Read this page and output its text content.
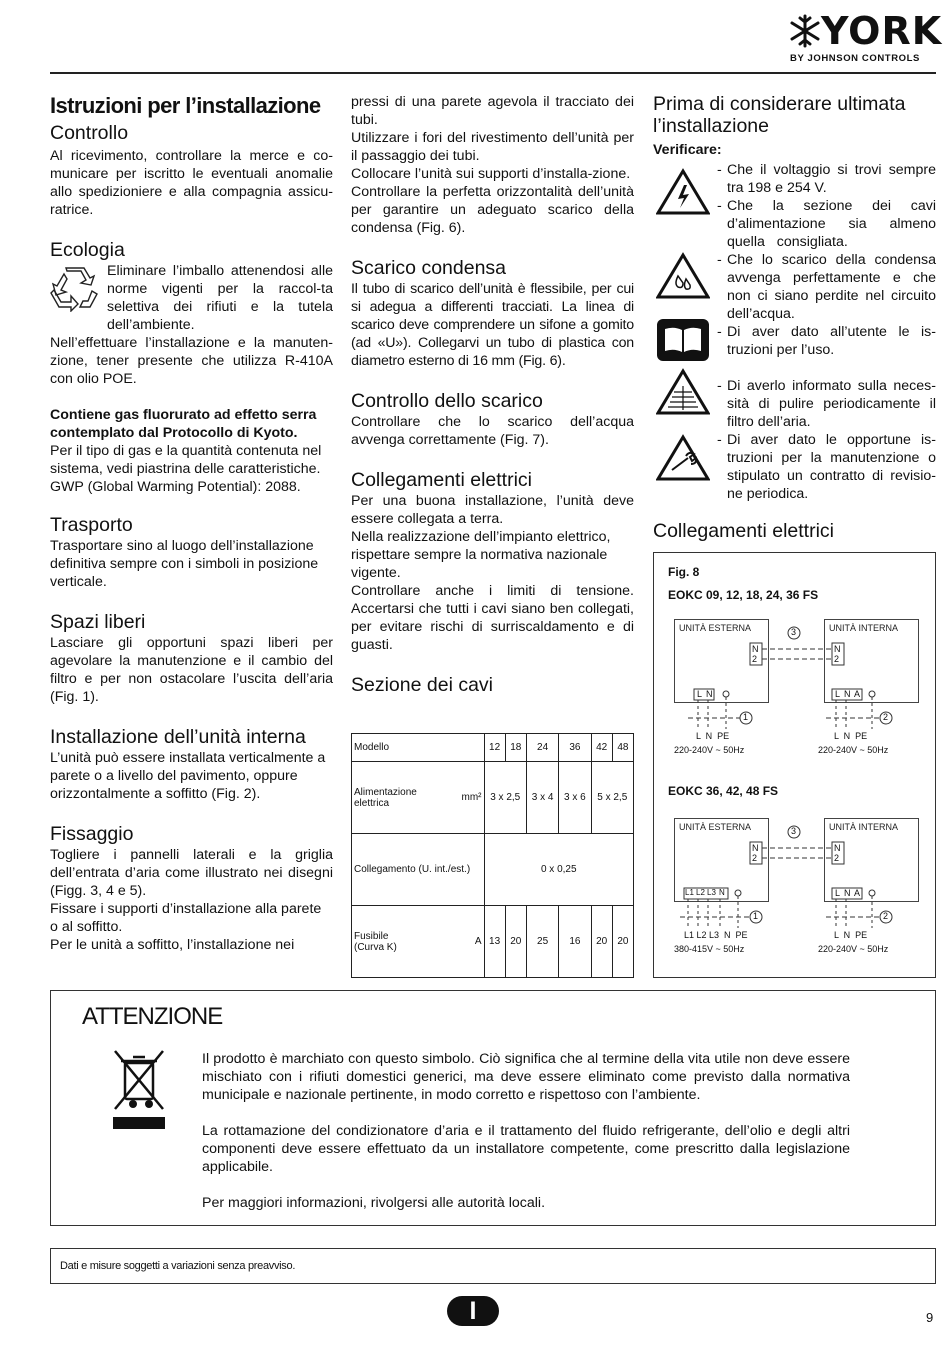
YORK
BY JOHNSON CONTROLS
Istruzioni per l’installazione
Controllo

Al ricevimento, controllare la merce e co-municare per iscritto le eventuali anomalie allo spedizioniere e alla compagnia assicu-ratrice.

Ecologia

Eliminare l’imballo attenendosi alle norme vigenti per la raccol-ta selettiva dei rifiuti e la tutela dell’ambiente.

Nell’effettuare l’installazione e la manuten-zione, tener presente che utilizza R-410A con olio POE.

Contiene gas fluorurato ad effetto serra contemplato dal Protocollo di Kyoto.

Per il tipo di gas e la quantità contenuta nel sistema, vedi piastrina delle caratteristiche. GWP (Global Warming Potential): 2088.

Trasporto

Trasportare sino al luogo dell’installazione definitiva sempre con i simboli in posizione verticale.

Spazi liberi

Lasciare gli opportuni spazi liberi per agevolare la manutenzione e il cambio del filtro e per non ostacolare l’uscita dell’aria (Fig. 1).

Installazione dell’unità interna

L’unità può essere installata verticalmente a parete o a livello del pavimento, oppure orizzontalmente a soffitto (Fig. 2).

Fissaggio

Togliere i pannelli laterali e la griglia dell’entrata d’aria come illustrato nei disegni (Figg. 3, 4 e 5).

Fissare i supporti d’installazione alla parete o al soffitto.

Per le unità a soffitto, l’installazione nei

pressi di una parete agevola il tracciato dei tubi.

Utilizzare i fori del rivestimento dell’unità per il passaggio dei tubi.

Collocare l’unità sui supporti d’installa-zione.

Controllare la perfetta orizzontalità dell’unità per garantire un adeguato scarico della condensa (Fig. 6).

Scarico condensa

Il tubo di scarico dell’unità è flessibile, per cui si adegua a differenti tracciati. La linea di scarico deve comprendere un sifone a gomito (ad «U»). Collegarvi un tubo di plastica con diametro esterno di 16 mm (Fig. 6).

Controllo dello scarico

Controllare che lo scarico dell’acqua avvenga correttamente (Fig. 7).

Collegamenti elettrici

Per una buona installazione, l’unità deve essere collegata a terra.

Nella realizzazione dell’impianto elettrico, rispettare sempre la normativa nazionale vigente.

Controllare anche i limiti di tensione. Accertarsi che tutti i cavi siano ben collegati, per evitare rischi di surriscaldamento e di guasti.

Sezione dei cavi
Modello		12	18	24	36	42	48
Alimentazione elettrica	mm²	3 x 2,5		3 x 4	3 x 6	5 x 2,5	
Collegamento (U. int./est.)		0 x 0,25					
Fusibile (Curva K)	A	13	20	25	16	20	20
Prima di considerare ultimata l’installazione

Verificare:

- Che il voltaggio si trovi sempre tra 198 e 254 V.
- Che la sezione dei cavi d’alimentazione sia almeno quella consigliata.
- Che lo scarico della condensa avvenga perfettamente e che non ci siano perdite nel circuito dell’acqua.
- Di aver dato all’utente le is-truzioni per l’uso.
- Di averlo informato sulla neces-sità di pulire periodicamente il filtro dell’aria.
- Di aver dato le opportune is-truzioni per la manutenzione o stipulato un contratto di revisio-ne periodica.
Collegamenti elettrici
Fig. 8
EOKC 09, 12, 18, 24, 36 FS
UNITÀ ESTERNA	UNITÀ INTERNA
N
2
N
2
3
L N	L N A
1	2
L  N  PE
220-240V ~ 50Hz
L  N  PE
220-240V ~ 50Hz
EOKC 36, 42, 48 FS
UNITÀ ESTERNA	UNITÀ INTERNA
N
2
N
2
3
L1 L2 L3 N	L N A
1	2
L1 L2 L3  N  PE
380-415V ~ 50Hz
L  N  PE
220-240V ~ 50Hz
ATTENZIONE

Il prodotto è marchiato con questo simbolo. Ciò significa che al termine della vita utile non deve essere mischiato con i rifiuti domestici generici, ma deve essere eliminato come previsto dalla normativa municipale e nazionale pertinente, in modo corretto e rispettoso con l’ambiente.

La rottamazione del condizionatore d’aria e il trattamento del fluido refrigerante, dell’olio e degli altri componenti deve essere effettuato da un installatore competente, come prescritto dalla legislazione applicabile.

Per maggiori informazioni, rivolgersi alle autorità locali.

Dati e misure soggetti a variazioni senza preavviso.
I	9
